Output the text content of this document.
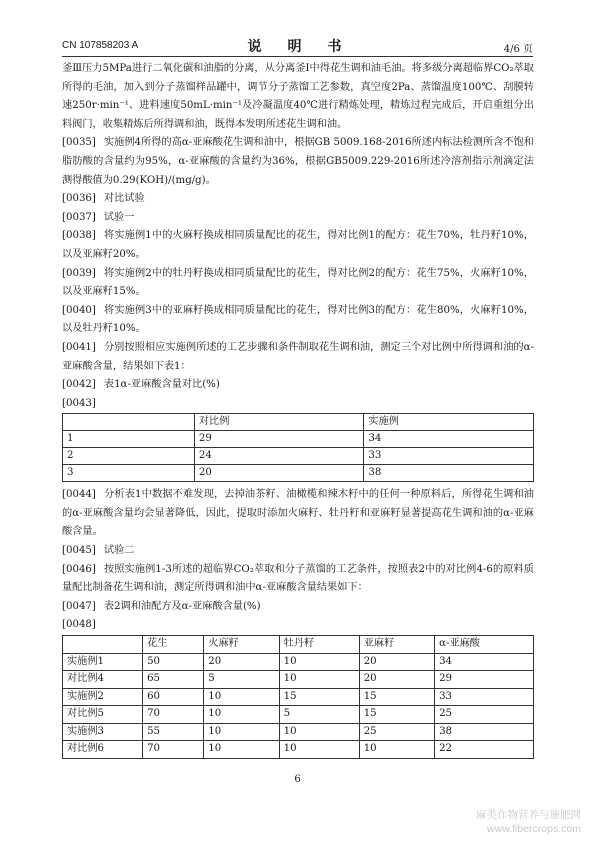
CN 107858203 A	说　明　书	4/6 页

釜Ⅲ压力5MPa进行二氧化碳和油脂的分离，从分离釜Ⅰ中得花生调和油毛油。将多级分离超临界CO₂萃取所得的毛油，加入到分子蒸馏样品罐中，调节分子蒸馏工艺参数，真空度2Pa、蒸馏温度100℃、刮膜转速250r·min⁻¹、进料速度50mL·min⁻¹及冷凝温度40℃进行精炼处理，精炼过程完成后，开启重组分出料阀门，收集精炼后所得调和油，既得本发明所述花生调和油。

[0035] 实施例4所得的高α-亚麻酸花生调和油中，根据GB 5009.168-2016所述内标法检测所含不饱和脂肪酸的含量约为95%，α-亚麻酸的含量约为36%，根据GB5009.229-2016所述冷溶剂指示剂滴定法测得酸值为0.29(KOH)/(mg/g)。

[0036] 对比试验

[0037] 试验一

[0038] 将实施例1中的火麻籽换成相同质量配比的花生，得对比例1的配方：花生70%，牡丹籽10%，以及亚麻籽20%。

[0039] 将实施例2中的牡丹籽换成相同质量配比的花生，得对比例2的配方：花生75%，火麻籽10%，以及亚麻籽15%。

[0040] 将实施例3中的亚麻籽换成相同质量配比的花生，得对比例3的配方：花生80%，火麻籽10%，以及牡丹籽10%。

[0041] 分别按照相应实施例所述的工艺步骤和条件制取花生调和油，测定三个对比例中所得调和油的α-亚麻酸含量，结果如下表1：

[0042] 表1α-亚麻酸含量对比(%)

[0043]

	对比例	实施例
1	29	34
2	24	33
3	20	38

[0044] 分析表1中数据不难发现，去掉油茶籽、油橄榄和辣木籽中的任何一种原料后，所得花生调和油的α-亚麻酸含量均会显著降低，因此，提取时添加火麻籽、牡丹籽和亚麻籽显著提高花生调和油的α-亚麻酸含量。

[0045] 试验二

[0046] 按照实施例1-3所述的超临界CO₂萃取和分子蒸馏的工艺条件，按照表2中的对比例4-6的原料质量配比制备花生调和油，测定所得调和油中α-亚麻酸含量结果如下：

[0047] 表2调和油配方及α-亚麻酸含量(%)

[0048]

	花生	火麻籽	牡丹籽	亚麻籽	α-亚麻酸
实施例1	50	20	10	20	34
对比例4	65	5	10	20	29
实施例2	60	10	15	15	33
对比例5	70	10	5	15	25
实施例3	55	10	10	25	38
对比例6	70	10	10	10	22
6
麻类作物营养与施肥网
www.fibercrops.com
